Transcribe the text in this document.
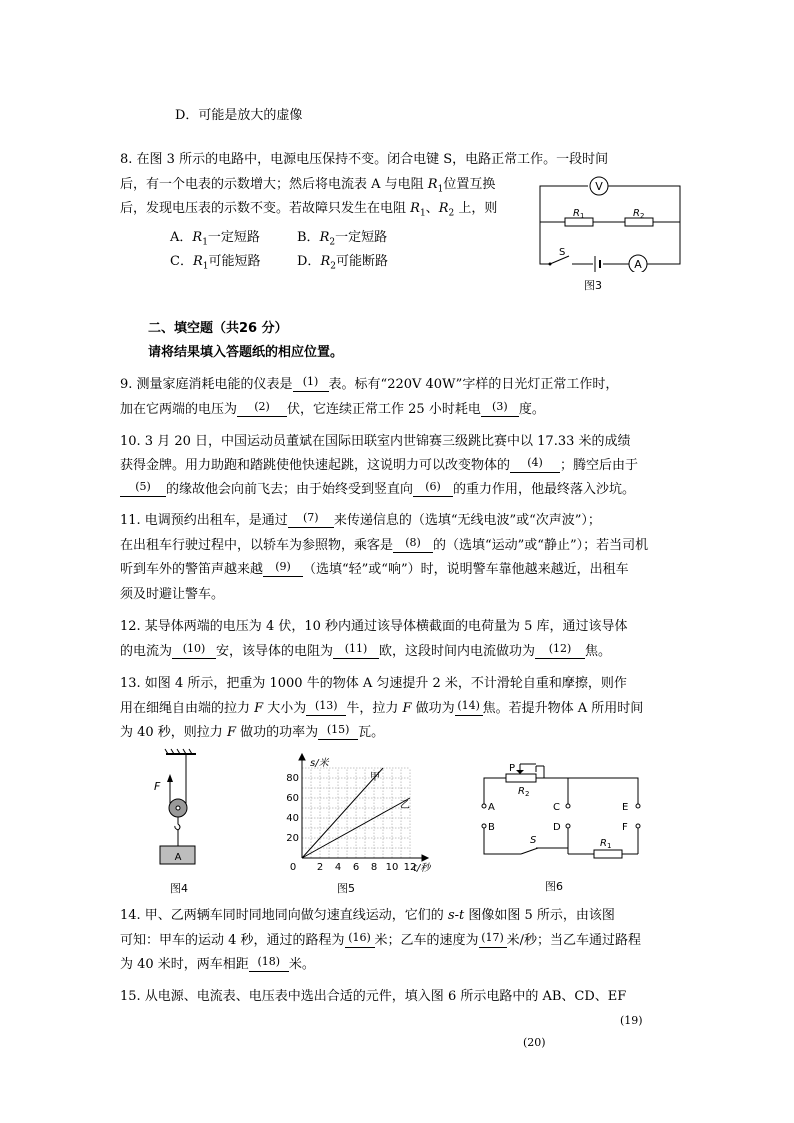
D．可能是放大的虚像
8. 在图 3 所示的电路中，电源电压保持不变。闭合电键 S，电路正常工作。一段时间
后，有一个电表的示数增大；然后将电流表 A 与电阻 $R_1$位置互换
后，发现电压表的示数不变。若故障只发生在电阻 $R_1$、$R_2$ 上，则
A．$R_1$一定短路	B．$R_2$一定短路
C．$R_1$可能短路	D．$R_2$可能断路
V
R 1	R 2
S
A
图3
二、填空题（共26 分）
请将结果填入答题纸的相应位置。
9. 测量家庭消耗电能的仪表是 (1) 表。标有“220V 40W”字样的日光灯正常工作时，
加在它两端的电压为 (2) 伏，它连续正常工作 25 小时耗电 (3) 度。
10. 3 月 20 日，中国运动员董斌在国际田联室内世锦赛三级跳比赛中以 17.33 米的成绩
获得金牌。用力助跑和踏跳使他快速起跳，这说明力可以改变物体的 (4) ；腾空后由于
(5) 的缘故他会向前飞去；由于始终受到竖直向 (6) 的重力作用，他最终落入沙坑。
11. 电调预约出租车，是通过 (7) 来传递信息的（选填“无线电波”或“次声波”）；
在出租车行驶过程中，以轿车为参照物，乘客是 (8) 的（选填“运动”或“静止”）；若当司机
听到车外的警笛声越来越 (9) （选填“轻”或“响”）时，说明警车靠他越来越近，出租车
须及时避让警车。
12. 某导体两端的电压为 4 伏，10 秒内通过该导体横截面的电荷量为 5 库，通过该导体
的电流为 (10) 安，该导体的电阻为 (11) 欧，这段时间内电流做功为 (12) 焦。
13. 如图 4 所示，把重为 1000 牛的物体 A 匀速提升 2 米，不计滑轮自重和摩擦，则作
用在细绳自由端的拉力 F 大小为 (13) 牛，拉力 F 做功为 (14) 焦。若提升物体 A 所用时间
为 40 秒，则拉力 F 做功的功率为 (15) 瓦。
F
A
图4
0 2 4 6 8 10 12
20
40
60
80
s/米
t/秒
甲
乙
图5
P
R 2
R 1
S
A
B
C
D
E
F
图6
14. 甲、乙两辆车同时同地同向做匀速直线运动，它们的 s-t 图像如图 5 所示，由该图
可知：甲车的运动 4 秒，通过的路程为 (16) 米；乙车的速度为 (17) 米/秒；当乙车通过路程
为 40 米时，两车相距 (18) 米。
15. 从电源、电流表、电压表中选出合适的元件，填入图 6 所示电路中的 AB、CD、EF
(19)
(20)
